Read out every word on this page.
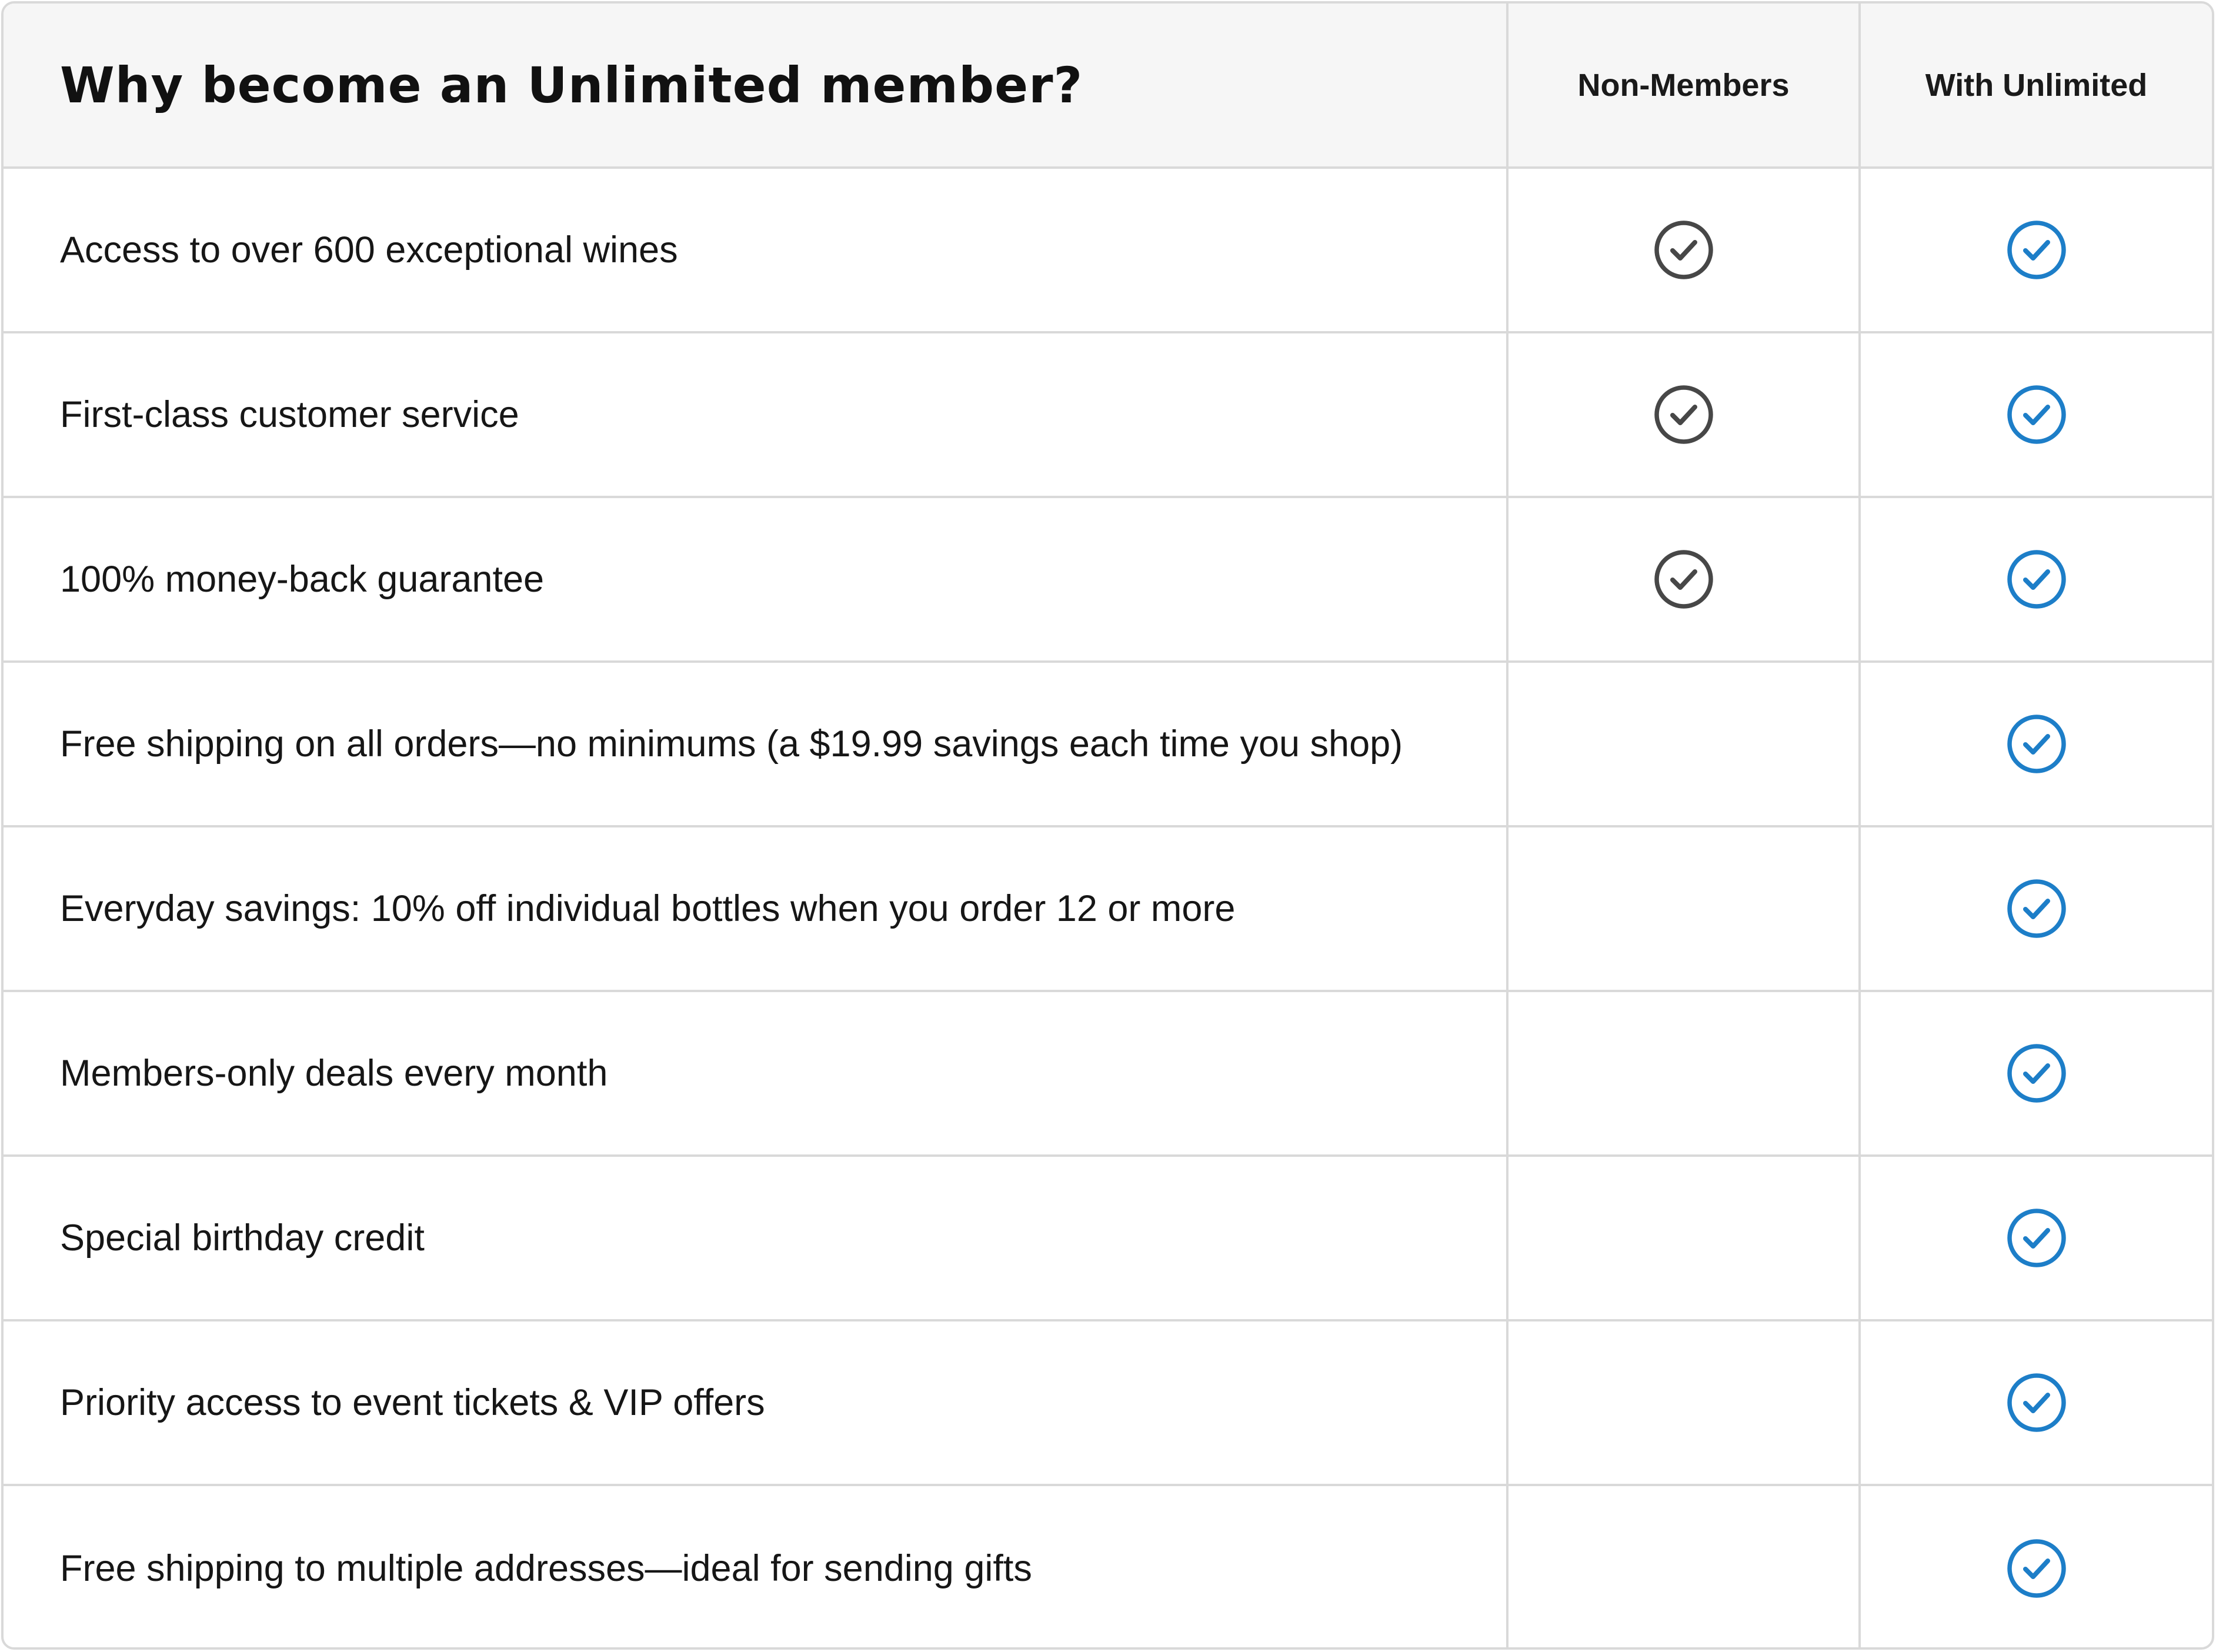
Why become an Unlimited member?	Non-Members	With Unlimited
Access to over 600 exceptional wines
First-class customer service
100% money-back guarantee
Free shipping on all orders—no minimums (a $19.99 savings each time you shop)
Everyday savings: 10% off individual bottles when you order 12 or more
Members-only deals every month
Special birthday credit
Priority access to event tickets & VIP offers
Free shipping to multiple addresses—ideal for sending gifts
